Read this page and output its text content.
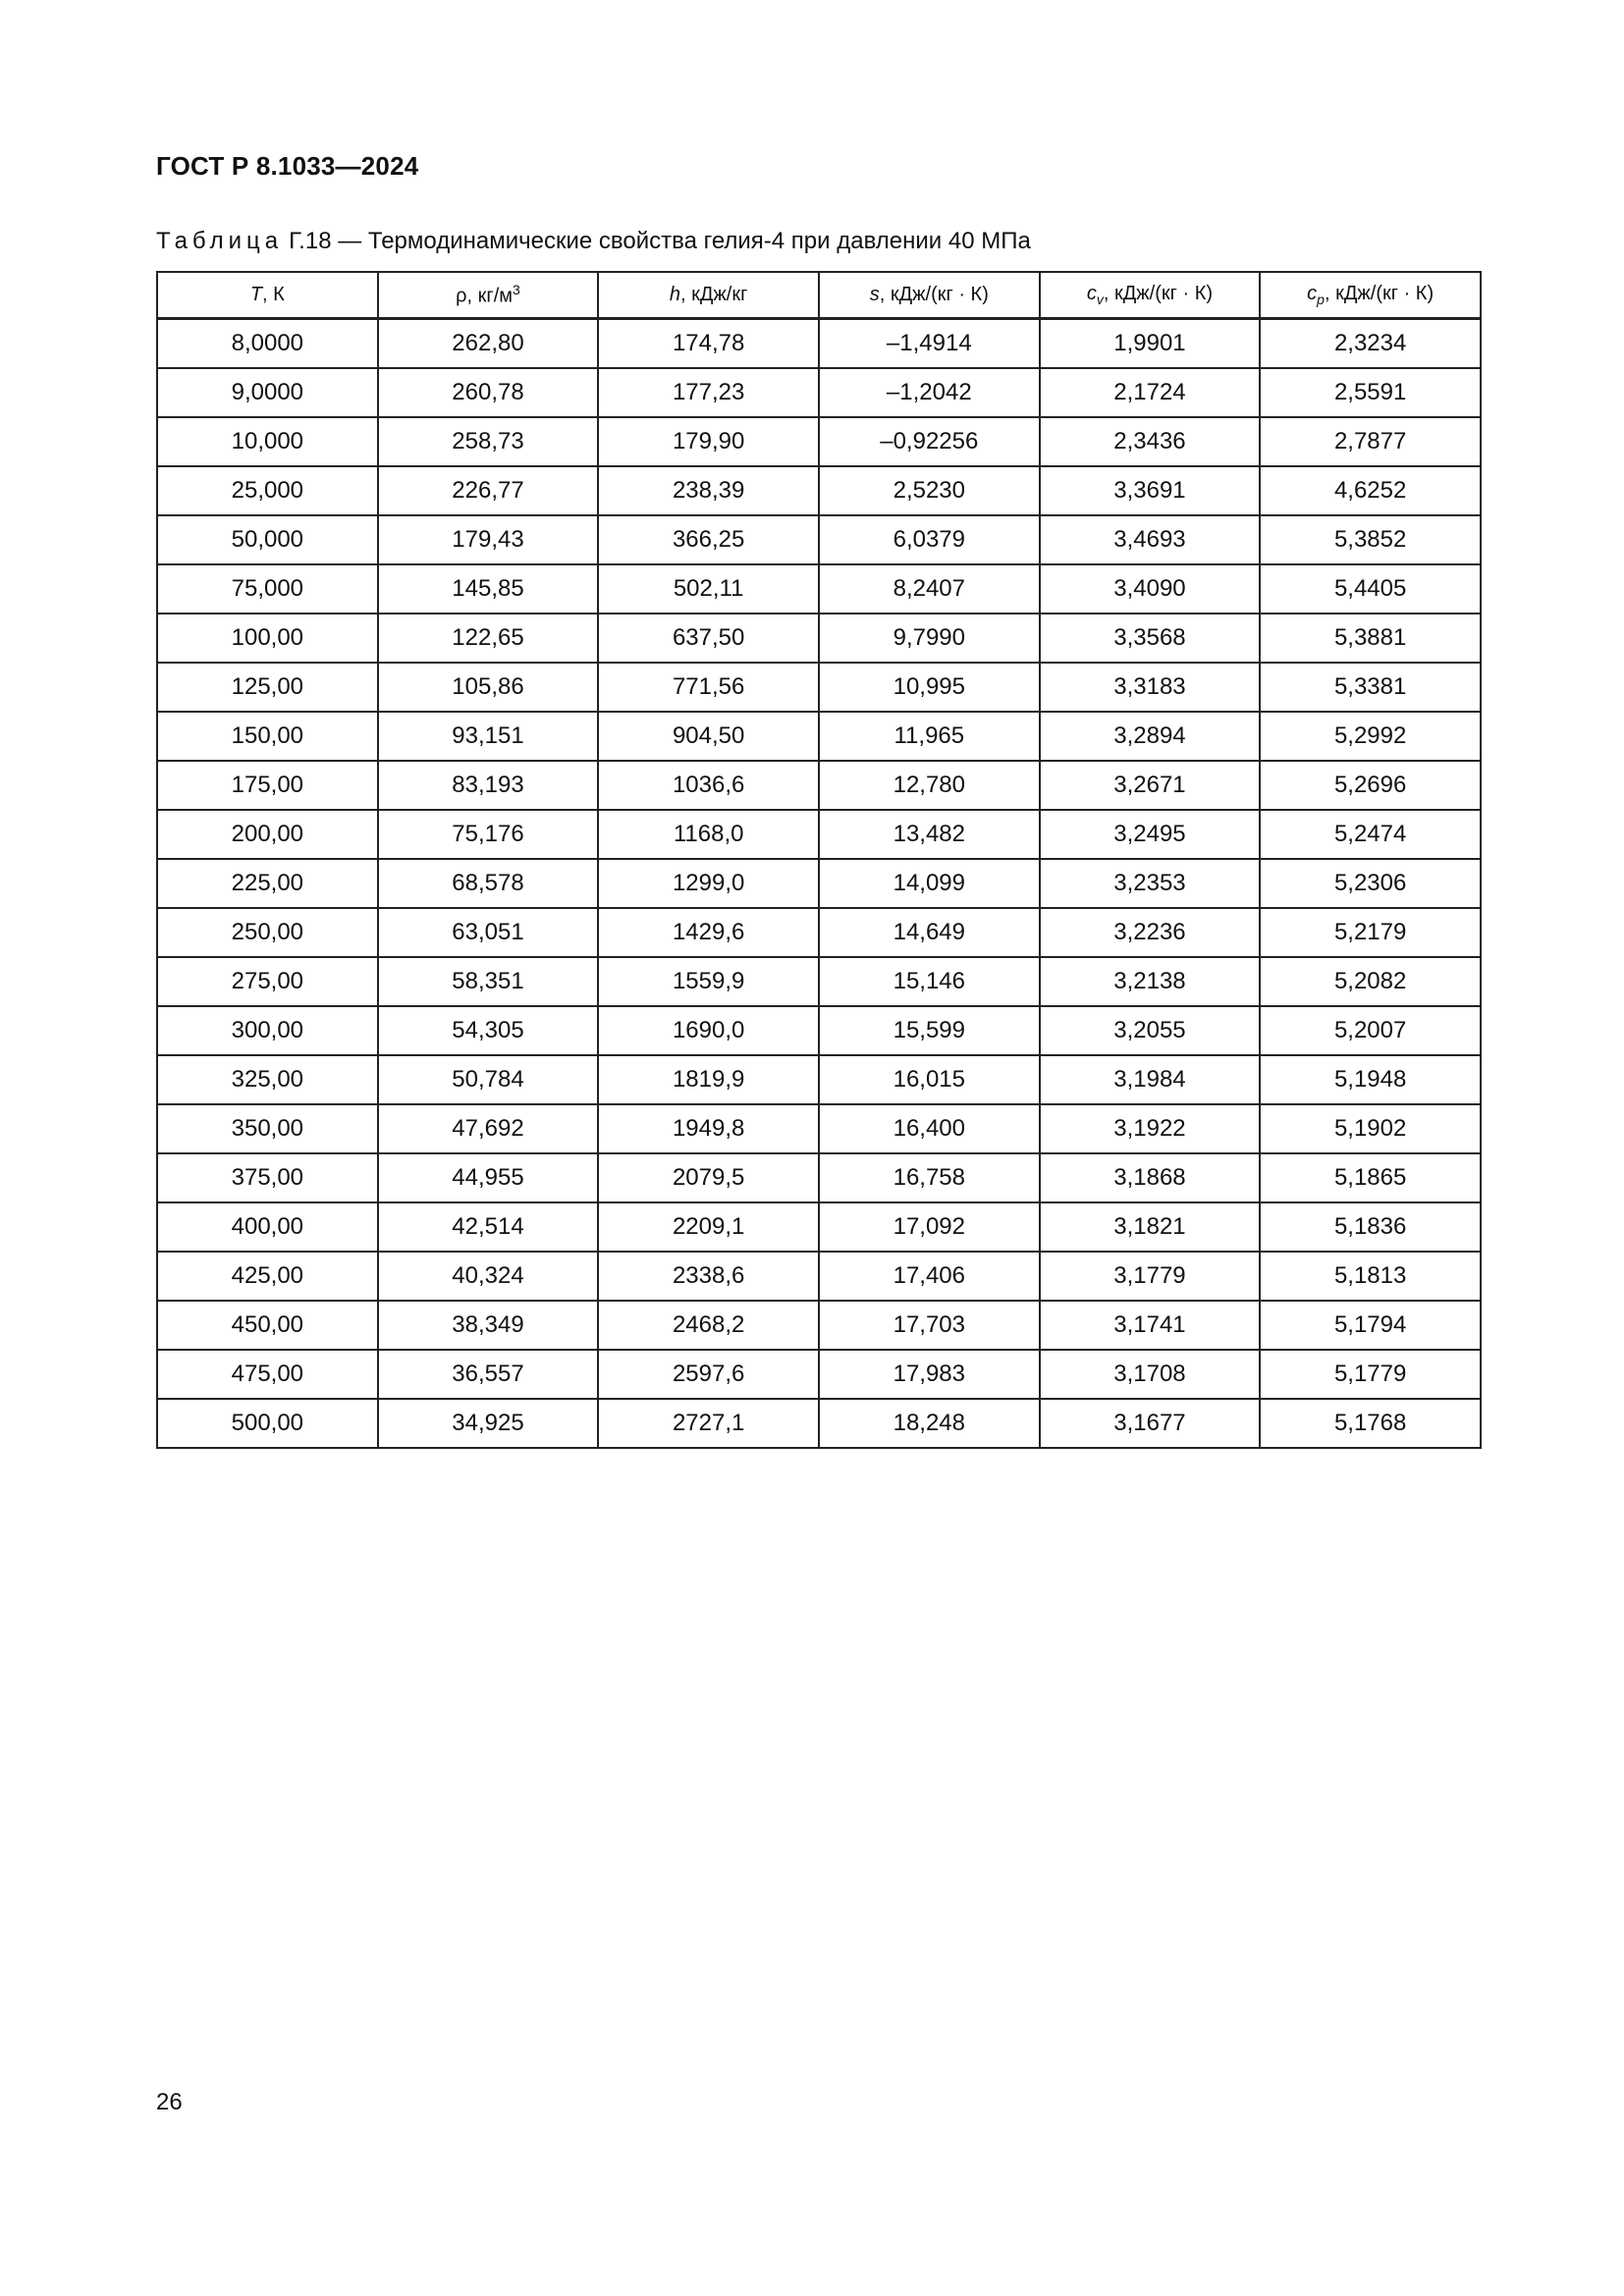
ГОСТ Р 8.1033—2024
Таблица Г.18 — Термодинамические свойства гелия-4 при давлении 40 МПа
T, К	ρ, $кг/м^3$	h, кДж/кг	s, кДж/(кг · К)	$c_v$, кДж/(кг · К)	$c_p$, кДж/(кг · К)
8,0000	262,80	174,78	–1,4914	1,9901	2,3234
9,0000	260,78	177,23	–1,2042	2,1724	2,5591
10,000	258,73	179,90	–0,92256	2,3436	2,7877
25,000	226,77	238,39	2,5230	3,3691	4,6252
50,000	179,43	366,25	6,0379	3,4693	5,3852
75,000	145,85	502,11	8,2407	3,4090	5,4405
100,00	122,65	637,50	9,7990	3,3568	5,3881
125,00	105,86	771,56	10,995	3,3183	5,3381
150,00	93,151	904,50	11,965	3,2894	5,2992
175,00	83,193	1036,6	12,780	3,2671	5,2696
200,00	75,176	1168,0	13,482	3,2495	5,2474
225,00	68,578	1299,0	14,099	3,2353	5,2306
250,00	63,051	1429,6	14,649	3,2236	5,2179
275,00	58,351	1559,9	15,146	3,2138	5,2082
300,00	54,305	1690,0	15,599	3,2055	5,2007
325,00	50,784	1819,9	16,015	3,1984	5,1948
350,00	47,692	1949,8	16,400	3,1922	5,1902
375,00	44,955	2079,5	16,758	3,1868	5,1865
400,00	42,514	2209,1	17,092	3,1821	5,1836
425,00	40,324	2338,6	17,406	3,1779	5,1813
450,00	38,349	2468,2	17,703	3,1741	5,1794
475,00	36,557	2597,6	17,983	3,1708	5,1779
500,00	34,925	2727,1	18,248	3,1677	5,1768
26
